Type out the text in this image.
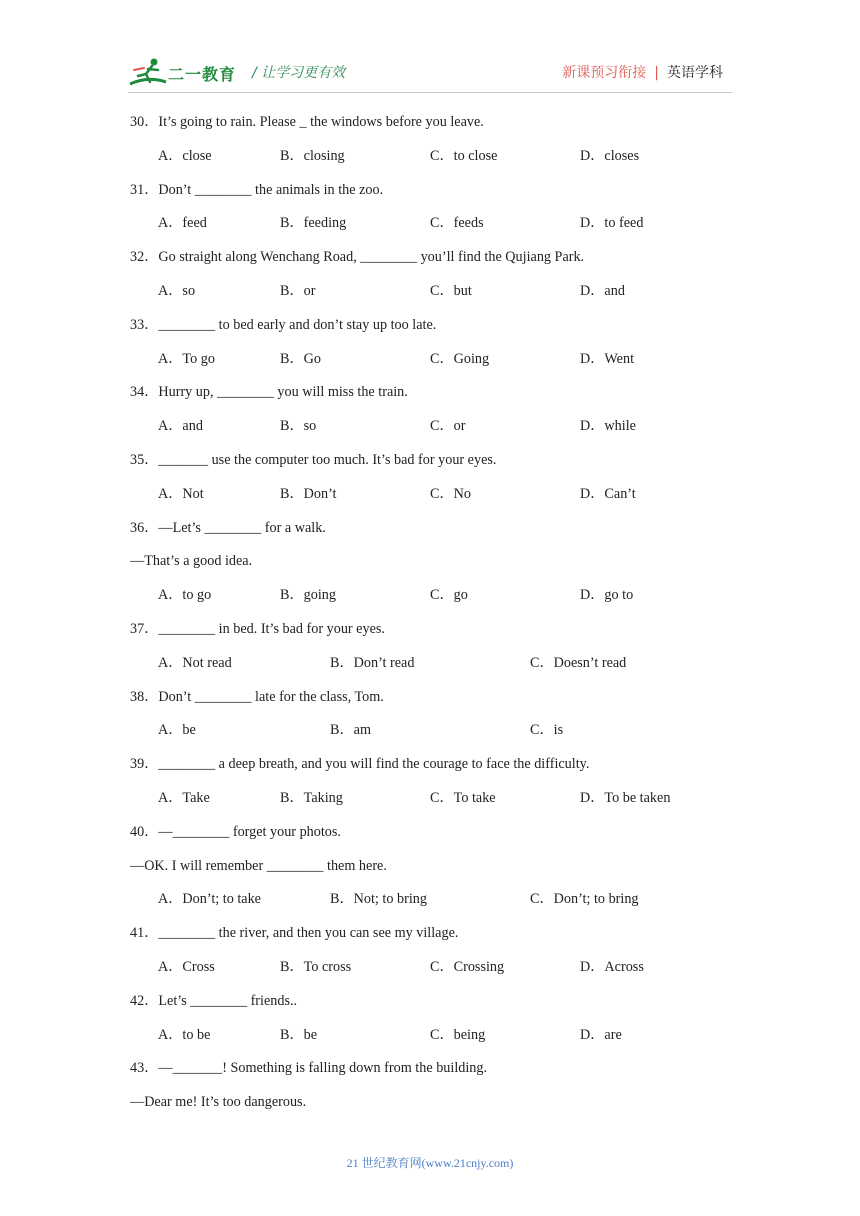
二一教育 / 让学习更有效	新课预习衔接 | 英语学科
30．It’s going to rain. Please _ the windows before you leave.
A．close	B．closing	C．to close	D．closes
31．Don’t ________ the animals in the zoo.
A．feed	B．feeding	C．feeds	D．to feed
32．Go straight along Wenchang Road, ________ you’ll find the Qujiang Park.
A．so	B．or	C．but	D．and
33．________ to bed early and don’t stay up too late.
A．To go	B．Go	C．Going	D．Went
34．Hurry up, ________ you will miss the train.
A．and	B．so	C．or	D．while
35．_______ use the computer too much. It’s bad for your eyes.
A．Not	B．Don’t	C．No	D．Can’t
36．—Let’s ________ for a walk.
—That’s a good idea.
A．to go	B．going	C．go	D．go to
37．________ in bed. It’s bad for your eyes.
A．Not read	B．Don’t read	C．Doesn’t read
38．Don’t ________ late for the class, Tom.
A．be	B．am	C．is
39．________ a deep breath, and you will find the courage to face the difficulty.
A．Take	B．Taking	C．To take	D．To be taken
40．—________ forget your photos.
—OK. I will remember ________ them here.
A．Don’t; to take	B．Not; to bring	C．Don’t; to bring
41．________ the river, and then you can see my village.
A．Cross	B．To cross	C．Crossing	D．Across
42．Let’s ________ friends..
A．to be	B．be	C．being	D．are
43．—_______! Something is falling down from the building.
—Dear me! It’s too dangerous.
21 世纪教育网(www.21cnjy.com)
